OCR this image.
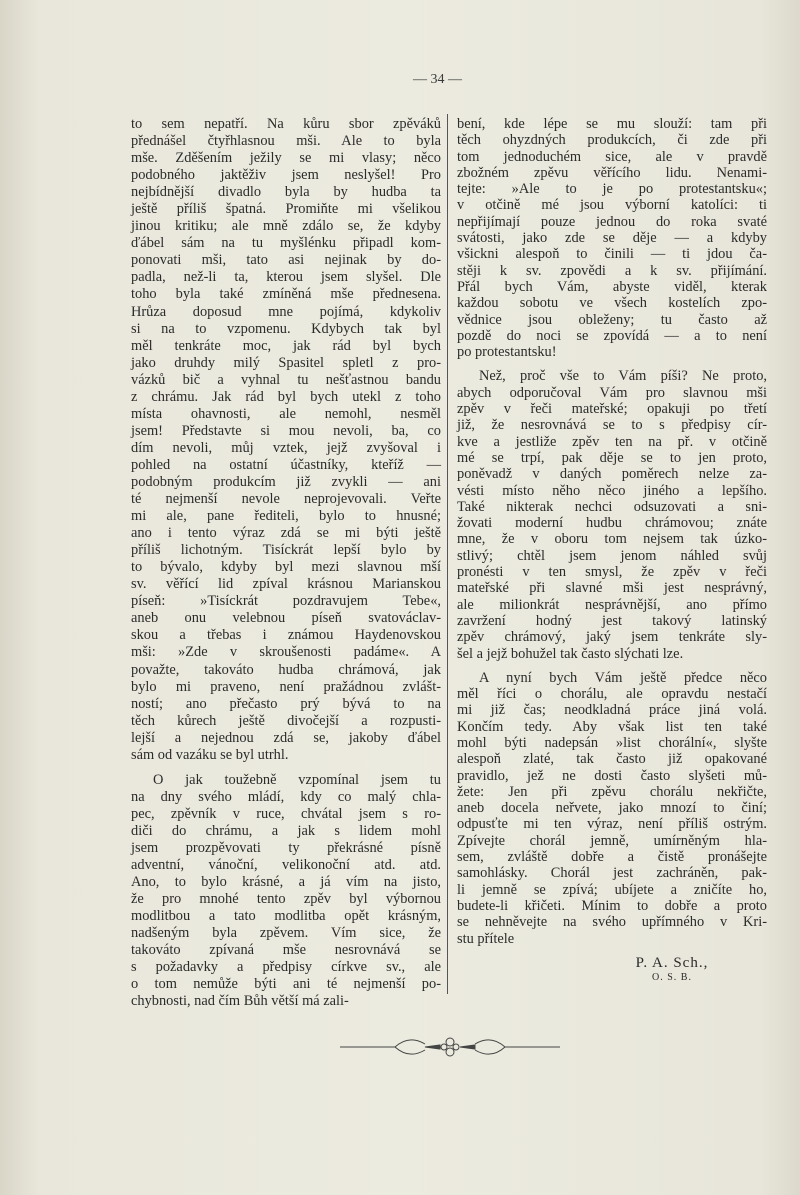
— 34 —
to sem nepatří. Na kůru sbor zpěváků
přednášel čtyřhlasnou mši. Ale to byla
mše. Zděšením ježily se mi vlasy; něco
podobného jaktěživ jsem neslyšel! Pro
nejbídnější divadlo byla by hudba ta
ještě příliš špatná. Promiňte mi všelikou
jinou kritiku; ale mně zdálo se, že kdyby
ďábel sám na tu myšlénku připadl kom-
ponovati mši, tato asi nejinak by do-
padla, než-li ta, kterou jsem slyšel. Dle
toho byla také zmíněná mše přednesena.
Hrůza doposud mne pojímá, kdykoliv
si na to vzpomenu. Kdybych tak byl
měl tenkráte moc, jak rád byl bych
jako druhdy milý Spasitel spletl z pro-
vázků bič a vyhnal tu nešťastnou bandu
z chrámu. Jak rád byl bych utekl z toho
místa ohavnosti, ale nemohl, nesměl
jsem! Představte si mou nevoli, ba, co
dím nevoli, můj vztek, jejž zvyšoval i
pohled na ostatní účastníky, kteříž —
podobným produkcím již zvykli — ani
té nejmenší nevole neprojevovali. Veřte
mi ale, pane řediteli, bylo to hnusné;
ano i tento výraz zdá se mi býti ještě
příliš lichotným. Tisíckrát lepší bylo by
to bývalo, kdyby byl mezi slavnou mší
sv. věřící lid zpíval krásnou Marianskou
píseň: »Tisíckrát pozdravujem Tebe«,
aneb onu velebnou píseň svatováclav-
skou a třebas i známou Haydenovskou
mši: »Zde v skroušenosti padáme«. A
považte, takováto hudba chrámová, jak
bylo mi praveno, není pražádnou zvlášt-
ností; ano přečasto prý bývá to na
těch kůrech ještě divočejší a rozpusti-
lejší a nejednou zdá se, jakoby ďábel
sám od vazáku se byl utrhl.
O jak toužebně vzpomínal jsem tu
na dny svého mládí, kdy co malý chla-
pec, zpěvník v ruce, chvátal jsem s ro-
diči do chrámu, a jak s lidem mohl
jsem prozpěvovati ty překrásné písně
adventní, vánoční, velikonoční atd. atd.
Ano, to bylo krásné, a já vím na jisto,
že pro mnohé tento zpěv byl výbornou
modlitbou a tato modlitba opět krásným,
nadšeným byla zpěvem. Vím sice, že
takováto zpívaná mše nesrovnává se
s požadavky a předpisy církve sv., ale
o tom nemůže býti ani té nejmenší po-
chybnosti, nad čím Bůh větší má zali-
bení, kde lépe se mu slouží: tam při
těch ohyzdných produkcích, či zde při
tom jednoduchém sice, ale v pravdě
zbožném zpěvu věřícího lidu. Nenami-
tejte: »Ale to je po protestantsku«;
v otčině mé jsou výborní katolíci: ti
nepřijímají pouze jednou do roka svaté
svátosti, jako zde se děje — a kdyby
všickni alespoň to činili — ti jdou ča-
stěji k sv. zpovědi a k sv. přijímání.
Přál bych Vám, abyste viděl, kterak
každou sobotu ve všech kostelích zpo-
vědnice jsou obleženy; tu často až
pozdě do noci se zpovídá — a to není
po protestantsku!
Než, proč vše to Vám píši? Ne proto,
abych odporučoval Vám pro slavnou mši
zpěv v řeči mateřské; opakuji po třetí
již, že nesrovnává se to s předpisy cír-
kve a jestliže zpěv ten na př. v otčině
mé se trpí, pak děje se to jen proto,
poněvadž v daných poměrech nelze za-
vésti místo něho něco jiného a lepšího.
Také nikterak nechci odsuzovati a sni-
žovati moderní hudbu chrámovou; znáte
mne, že v oboru tom nejsem tak úzko-
stlivý; chtěl jsem jenom náhled svůj
pronésti v ten smysl, že zpěv v řeči
mateřské při slavné mši jest nesprávný,
ale milionkrát nesprávnější, ano přímo
zavržení hodný jest takový latinský
zpěv chrámový, jaký jsem tenkráte sly-
šel a jejž bohužel tak často slýchati lze.
A nyní bych Vám ještě předce něco
měl říci o chorálu, ale opravdu nestačí
mi již čas; neodkladná práce jiná volá.
Končím tedy. Aby však list ten také
mohl býti nadepsán »list chorální«, slyšte
alespoň zlaté, tak často již opakované
pravidlo, jež ne dosti často slyšeti mů-
žete: Jen při zpěvu chorálu nekřičte,
aneb docela neřvete, jako mnozí to činí;
odpusťte mi ten výraz, není příliš ostrým.
Zpívejte chorál jemně, umírněným hla-
sem, zvláště dobře a čistě pronášejte
samohlásky. Chorál jest zachráněn, pak-
li jemně se zpívá; ubíjete a zničíte ho,
budete-li křičeti. Mínim to dobře a proto
se nehněvejte na svého upřímného v Kri-
stu přítele
P. A. Sch.,
O. S. B.
